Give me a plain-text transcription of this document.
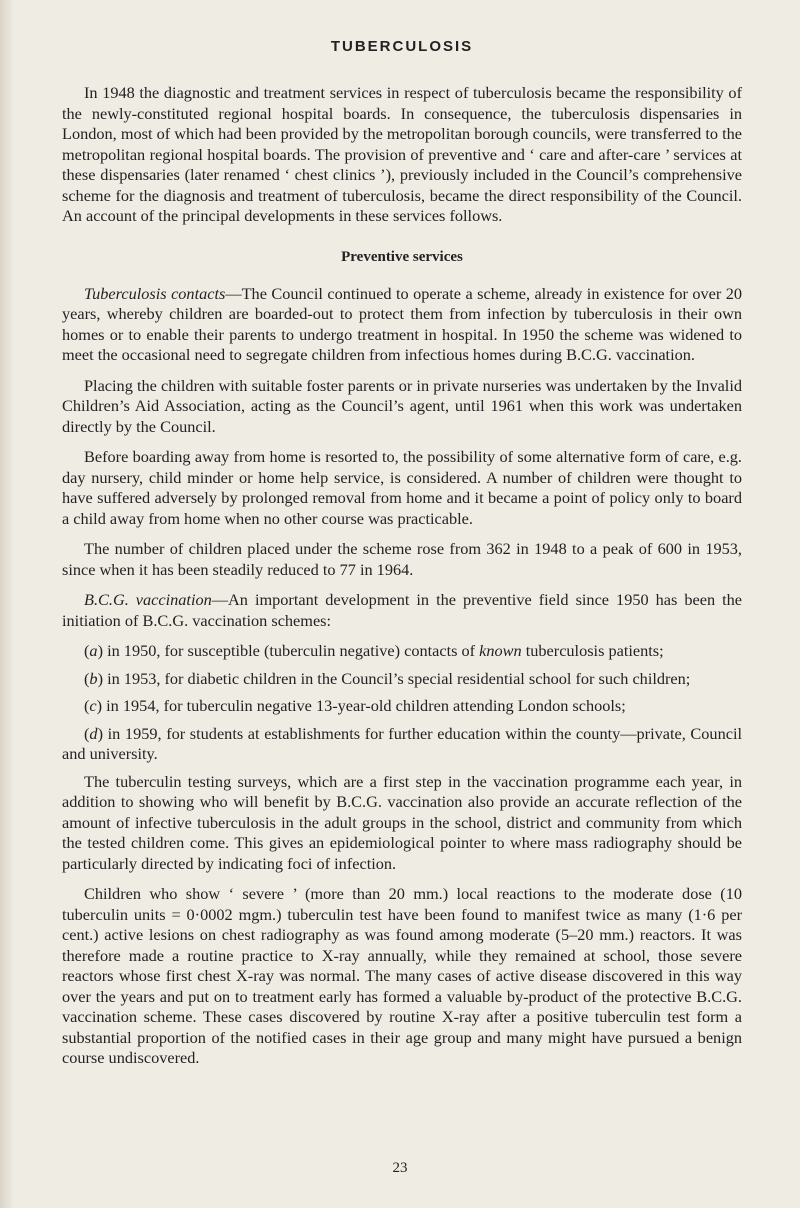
TUBERCULOSIS

In 1948 the diagnostic and treatment services in respect of tuberculosis became the responsibility of the newly-constituted regional hospital boards. In consequence, the tuberculosis dispensaries in London, most of which had been provided by the metropolitan borough councils, were transferred to the metropolitan regional hospital boards. The provision of preventive and ‘ care and after-care ’ services at these dispensaries (later renamed ‘ chest clinics ’), previously included in the Council’s comprehensive scheme for the diagnosis and treatment of tuberculosis, became the direct responsibility of the Council. An account of the principal developments in these services follows.

Preventive services

Tuberculosis contacts—The Council continued to operate a scheme, already in existence for over 20 years, whereby children are boarded-out to protect them from infection by tuberculosis in their own homes or to enable their parents to undergo treatment in hospital. In 1950 the scheme was widened to meet the occasional need to segregate children from infectious homes during B.C.G. vaccination.

Placing the children with suitable foster parents or in private nurseries was undertaken by the Invalid Children’s Aid Association, acting as the Council’s agent, until 1961 when this work was undertaken directly by the Council.

Before boarding away from home is resorted to, the possibility of some alternative form of care, e.g. day nursery, child minder or home help service, is considered. A number of children were thought to have suffered adversely by prolonged removal from home and it became a point of policy only to board a child away from home when no other course was practicable.

The number of children placed under the scheme rose from 362 in 1948 to a peak of 600 in 1953, since when it has been steadily reduced to 77 in 1964.

B.C.G. vaccination—An important development in the preventive field since 1950 has been the initiation of B.C.G. vaccination schemes:

(a) in 1950, for susceptible (tuberculin negative) contacts of known tuberculosis patients;
(b) in 1953, for diabetic children in the Council’s special residential school for such children;
(c) in 1954, for tuberculin negative 13-year-old children attending London schools;
(d) in 1959, for students at establishments for further education within the county—private, Council and university.

The tuberculin testing surveys, which are a first step in the vaccination programme each year, in addition to showing who will benefit by B.C.G. vaccination also provide an accurate reflection of the amount of infective tuberculosis in the adult groups in the school, district and community from which the tested children come. This gives an epidemiological pointer to where mass radiography should be particularly directed by indicating foci of infection.

Children who show ‘ severe ’ (more than 20 mm.) local reactions to the moderate dose (10 tuberculin units = 0·0002 mgm.) tuberculin test have been found to manifest twice as many (1·6 per cent.) active lesions on chest radiography as was found among moderate (5–20 mm.) reactors. It was therefore made a routine practice to X-ray annually, while they remained at school, those severe reactors whose first chest X-ray was normal. The many cases of active disease discovered in this way over the years and put on to treatment early has formed a valuable by-product of the protective B.C.G. vaccination scheme. These cases discovered by routine X-ray after a positive tuberculin test form a substantial proportion of the notified cases in their age group and many might have pursued a benign course undiscovered.

23
